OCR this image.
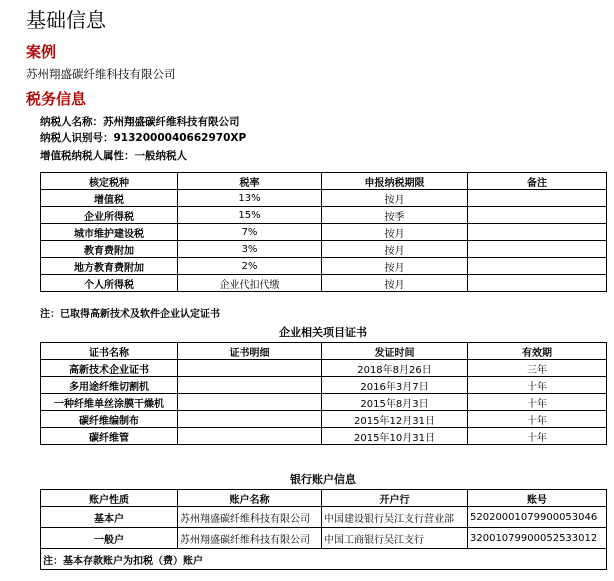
基础信息
案例
苏州翔盛碳纤维科技有限公司
税务信息
纳税人名称：苏州翔盛碳纤维科技有限公司
纳税人识别号：9132000040662970XP
增值税纳税人属性：一般纳税人
核定税种	税率	申报纳税期限	备注
增值税	13%	按月	
企业所得税	15%	按季	
城市维护建设税	7%	按月	
教育费附加	3%	按月	
地方教育费附加	2%	按月	
个人所得税	企业代扣代缴	按月	
注：已取得高新技术及软件企业认定证书
企业相关项目证书
证书名称	证书明细	发证时间	有效期
高新技术企业证书		2018年8月26日	三年
多用途纤维切割机		2016年3月7日	十年
一种纤维单丝涂膜干燥机		2015年8月3日	十年
碳纤维编制布		2015年12月31日	十年
碳纤维管		2015年10月31日	十年
银行账户信息
账户性质	账户名称	开户行	账号
基本户	苏州翔盛碳纤维科技有限公司	中国建设银行吴江支行营业部	52020001079900053046
一般户	苏州翔盛碳纤维科技有限公司	中国工商银行吴江支行	32001079900052533012
注：基本存款账户为扣税（费）账户			
